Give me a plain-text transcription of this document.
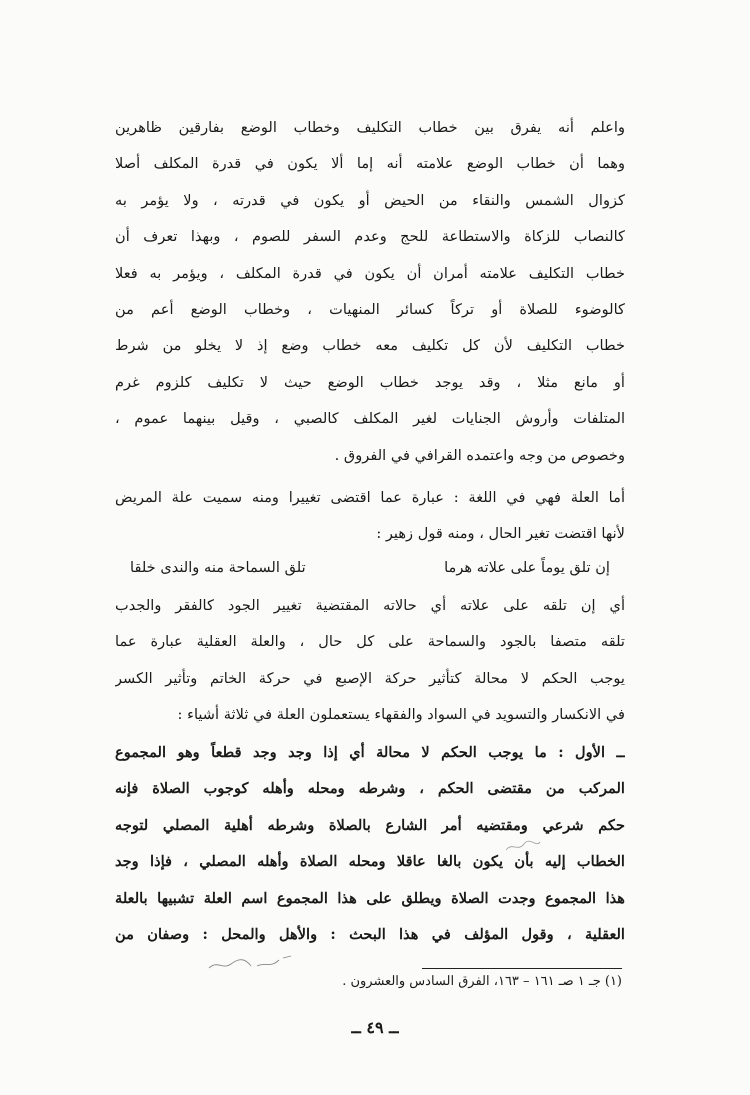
واعلم أنه يفرق بين خطاب التكليف وخطاب الوضع بفارقين ظاهرين
وهما أن خطاب الوضع علامته أنه إما ألا يكون في قدرة المكلف أصلا
كزوال الشمس والنقاء من الحيض أو يكون في قدرته ، ولا يؤمر به
كالنصاب للزكاة والاستطاعة للحج وعدم السفر للصوم ، وبهذا تعرف أن
خطاب التكليف علامته أمران أن يكون في قدرة المكلف ، ويؤمر به فعلا
كالوضوء للصلاة أو تركاً كسائر المنهيات ، وخطاب الوضع أعم من
خطاب التكليف لأن كل تكليف معه خطاب وضع إذ لا يخلو من شرط
أو مانع مثلا ، وقد يوجد خطاب الوضع حيث لا تكليف كلزوم غرم
المتلفات وأروش الجنايات لغير المكلف كالصبي ، وقيل بينهما عموم ،
وخصوص من وجه واعتمده القرافي في الفروق .
أما العلة فهي في اللغة : عبارة عما اقتضى تغييرا ومنه سميت علة المريض
لأنها اقتضت تغير الحال ، ومنه قول زهير :
إن تلق يوماً على علاته هرما
تلق السماحة منه والندى خلقا
أي إن تلقه على علاته أي حالاته المقتضية تغيير الجود كالفقر والجدب
تلقه متصفا بالجود والسماحة على كل حال ، والعلة العقلية عبارة عما
يوجب الحكم لا محالة كتأثير حركة الإصبع في حركة الخاتم وتأثير الكسر
في الانكسار والتسويد في السواد والفقهاء يستعملون العلة في ثلاثة أشياء :
ــ الأول : ما يوجب الحكم لا محالة أي إذا وجد وجد قطعاً وهو المجموع
المركب من مقتضى الحكم ، وشرطه ومحله وأهله كوجوب الصلاة فإنه
حكم شرعي ومقتضيه أمر الشارع بالصلاة وشرطه أهلية المصلي لتوجه
الخطاب إليه بأن يكون بالغا عاقلا ومحله الصلاة وأهله المصلي ، فإذا وجد
هذا المجموع وجدت الصلاة ويطلق على هذا المجموع اسم العلة تشبيها بالعلة
العقلية ، وقول المؤلف في هذا البحث : والأهل والمحل : وصفان من
(١) جـ ١ صـ ١٦١ – ١٦٣، الفرق السادس والعشرون .
ــ ٤٩ ــ
